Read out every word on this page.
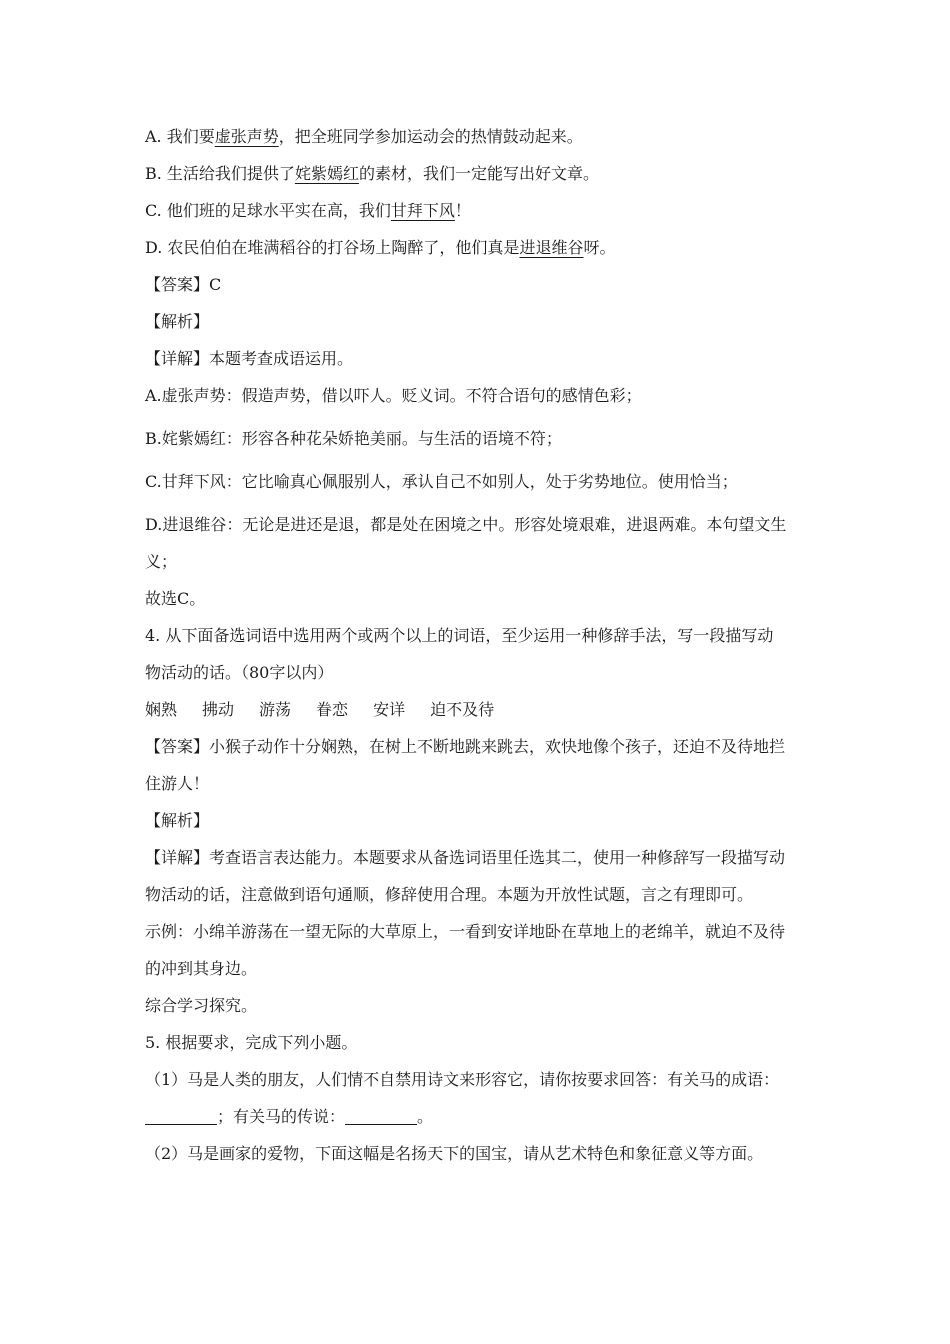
A. 我们要虚张声势，把全班同学参加运动会的热情鼓动起来。
B. 生活给我们提供了姹紫嫣红的素材，我们一定能写出好文章。
C. 他们班的足球水平实在高，我们甘拜下风！
D. 农民伯伯在堆满稻谷的打谷场上陶醉了，他们真是进退维谷呀。
【答案】C
【解析】
【详解】本题考查成语运用。
A.虚张声势：假造声势，借以吓人。贬义词。不符合语句的感情色彩；
B.姹紫嫣红：形容各种花朵娇艳美丽。与生活的语境不符；
C.甘拜下风：它比喻真心佩服别人，承认自己不如别人，处于劣势地位。使用恰当；
D.进退维谷：无论是进还是退，都是处在困境之中。形容处境艰难，进退两难。本句望文生
义；
故选C。
4. 从下面备选词语中选用两个或两个以上的词语，至少运用一种修辞手法，写一段描写动
物活动的话。（80字以内）
娴熟 拂动 游荡 眷恋 安详 迫不及待
【答案】小猴子动作十分娴熟，在树上不断地跳来跳去，欢快地像个孩子，还迫不及待地拦
住游人！
【解析】
【详解】考查语言表达能力。本题要求从备选词语里任选其二，使用一种修辞写一段描写动
物活动的话，注意做到语句通顺，修辞使用合理。本题为开放性试题，言之有理即可。
示例：小绵羊游荡在一望无际的大草原上，一看到安详地卧在草地上的老绵羊，就迫不及待
的冲到其身边。
综合学习探究。
5. 根据要求，完成下列小题。
（1）马是人类的朋友，人们情不自禁用诗文来形容它，请你按要求回答：有关马的成语：
；有关马的传说：	。
（2）马是画家的爱物，下面这幅是名扬天下的国宝，请从艺术特色和象征意义等方面。
